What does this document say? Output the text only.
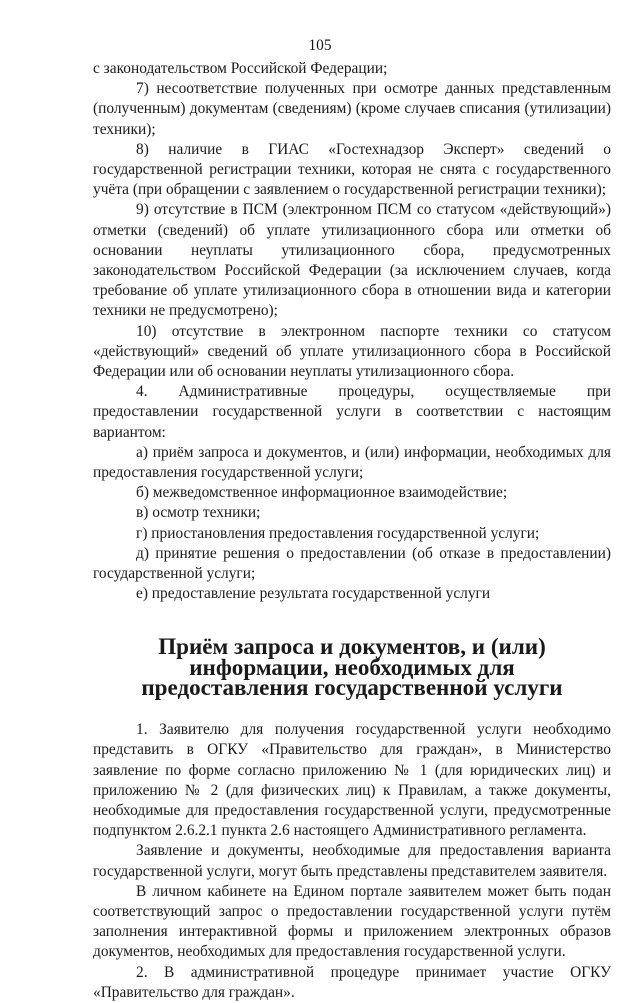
105

с законодательством Российской Федерации;

7) несоответствие полученных при осмотре данных представленным (полученным) документам (сведениям) (кроме случаев списания (утилизации) техники);

8) наличие в ГИАС «Гостехнадзор Эксперт» сведений о государственной регистрации техники, которая не снята с государственного учёта (при обращении с заявлением о государственной регистрации техники);

9) отсутствие в ПСМ (электронном ПСМ со статусом «действующий») отметки (сведений) об уплате утилизационного сбора или отметки об основании неуплаты утилизационного сбора, предусмотренных законодательством Российской Федерации (за исключением случаев, когда требование об уплате утилизационного сбора в отношении вида и категории техники не предусмотрено);

10) отсутствие в электронном паспорте техники со статусом «действующий» сведений об уплате утилизационного сбора в Российской Федерации или об основании неуплаты утилизационного сбора.

4. Административные процедуры, осуществляемые при предоставлении государственной услуги в соответствии с настоящим вариантом:

а) приём запроса и документов, и (или) информации, необходимых для предоставления государственной услуги;

б) межведомственное информационное взаимодействие;

в) осмотр техники;

г) приостановления предоставления государственной услуги;

д) принятие решения о предоставлении (об отказе в предоставлении) государственной услуги;

е) предоставление результата государственной услуги

Приём запроса и документов, и (или) информации, необходимых для предоставления государственной услуги

1. Заявителю для получения государственной услуги необходимо представить в ОГКУ «Правительство для граждан», в Министерство заявление по форме согласно приложению № 1 (для юридических лиц) и приложению № 2 (для физических лиц) к Правилам, а также документы, необходимые для предоставления государственной услуги, предусмотренные подпунктом 2.6.2.1 пункта 2.6 настоящего Административного регламента.

Заявление и документы, необходимые для предоставления варианта государственной услуги, могут быть представлены представителем заявителя.

В личном кабинете на Едином портале заявителем может быть подан соответствующий запрос о предоставлении государственной услуги путём заполнения интерактивной формы и приложением электронных образов документов, необходимых для предоставления государственной услуги.

2. В административной процедуре принимает участие ОГКУ «Правительство для граждан».
